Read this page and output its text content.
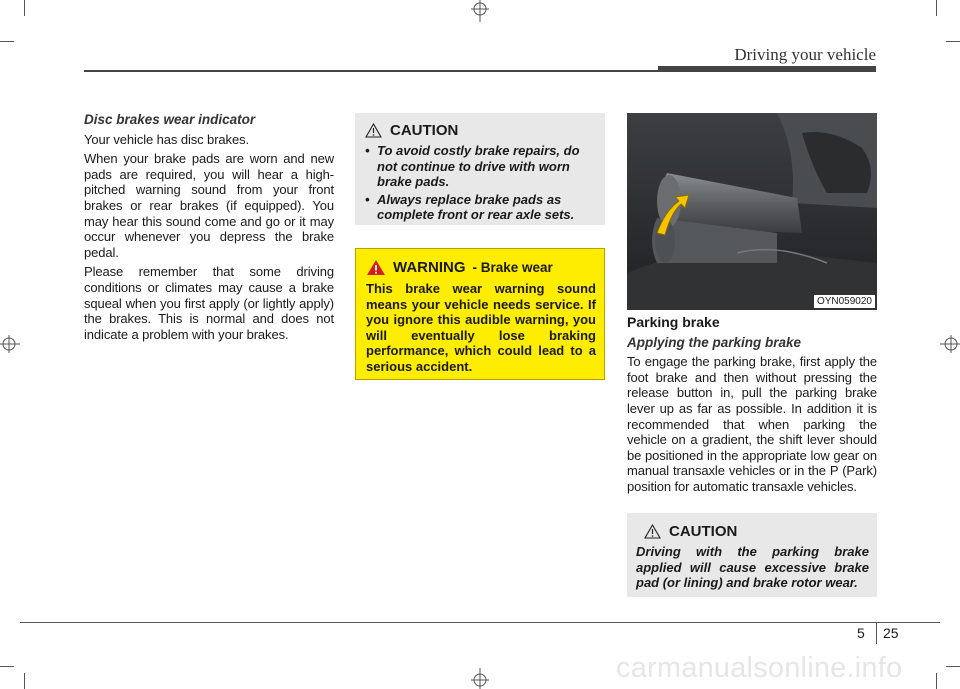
Driving your vehicle
Disc brakes wear indicator

Your vehicle has disc brakes.

When your brake pads are worn and new pads are required, you will hear a high-pitched warning sound from your front brakes or rear brakes (if equipped). You may hear this sound come and go or it may occur whenever you depress the brake pedal.

Please remember that some driving conditions or climates may cause a brake squeal when you first apply (or lightly apply) the brakes. This is normal and does not indicate a problem with your brakes.

CAUTION
• To avoid costly brake repairs, do not continue to drive with worn brake pads.
• Always replace brake pads as complete front or rear axle sets.
WARNING - Brake wear
This brake wear warning sound means your vehicle needs service. If you ignore this audible warning, you will eventually lose braking performance, which could lead to a serious accident.
OYN059020
Parking brake
Applying the parking brake

To engage the parking brake, first apply the foot brake and then without pressing the release button in, pull the parking brake lever up as far as possible. In addition it is recommended that when parking the vehicle on a gradient, the shift lever should be positioned in the appropriate low gear on manual transaxle vehicles or in the P (Park) position for automatic transaxle vehicles.

CAUTION
Driving with the parking brake applied will cause excessive brake pad (or lining) and brake rotor wear.
5 25
carmanualsonline.info
